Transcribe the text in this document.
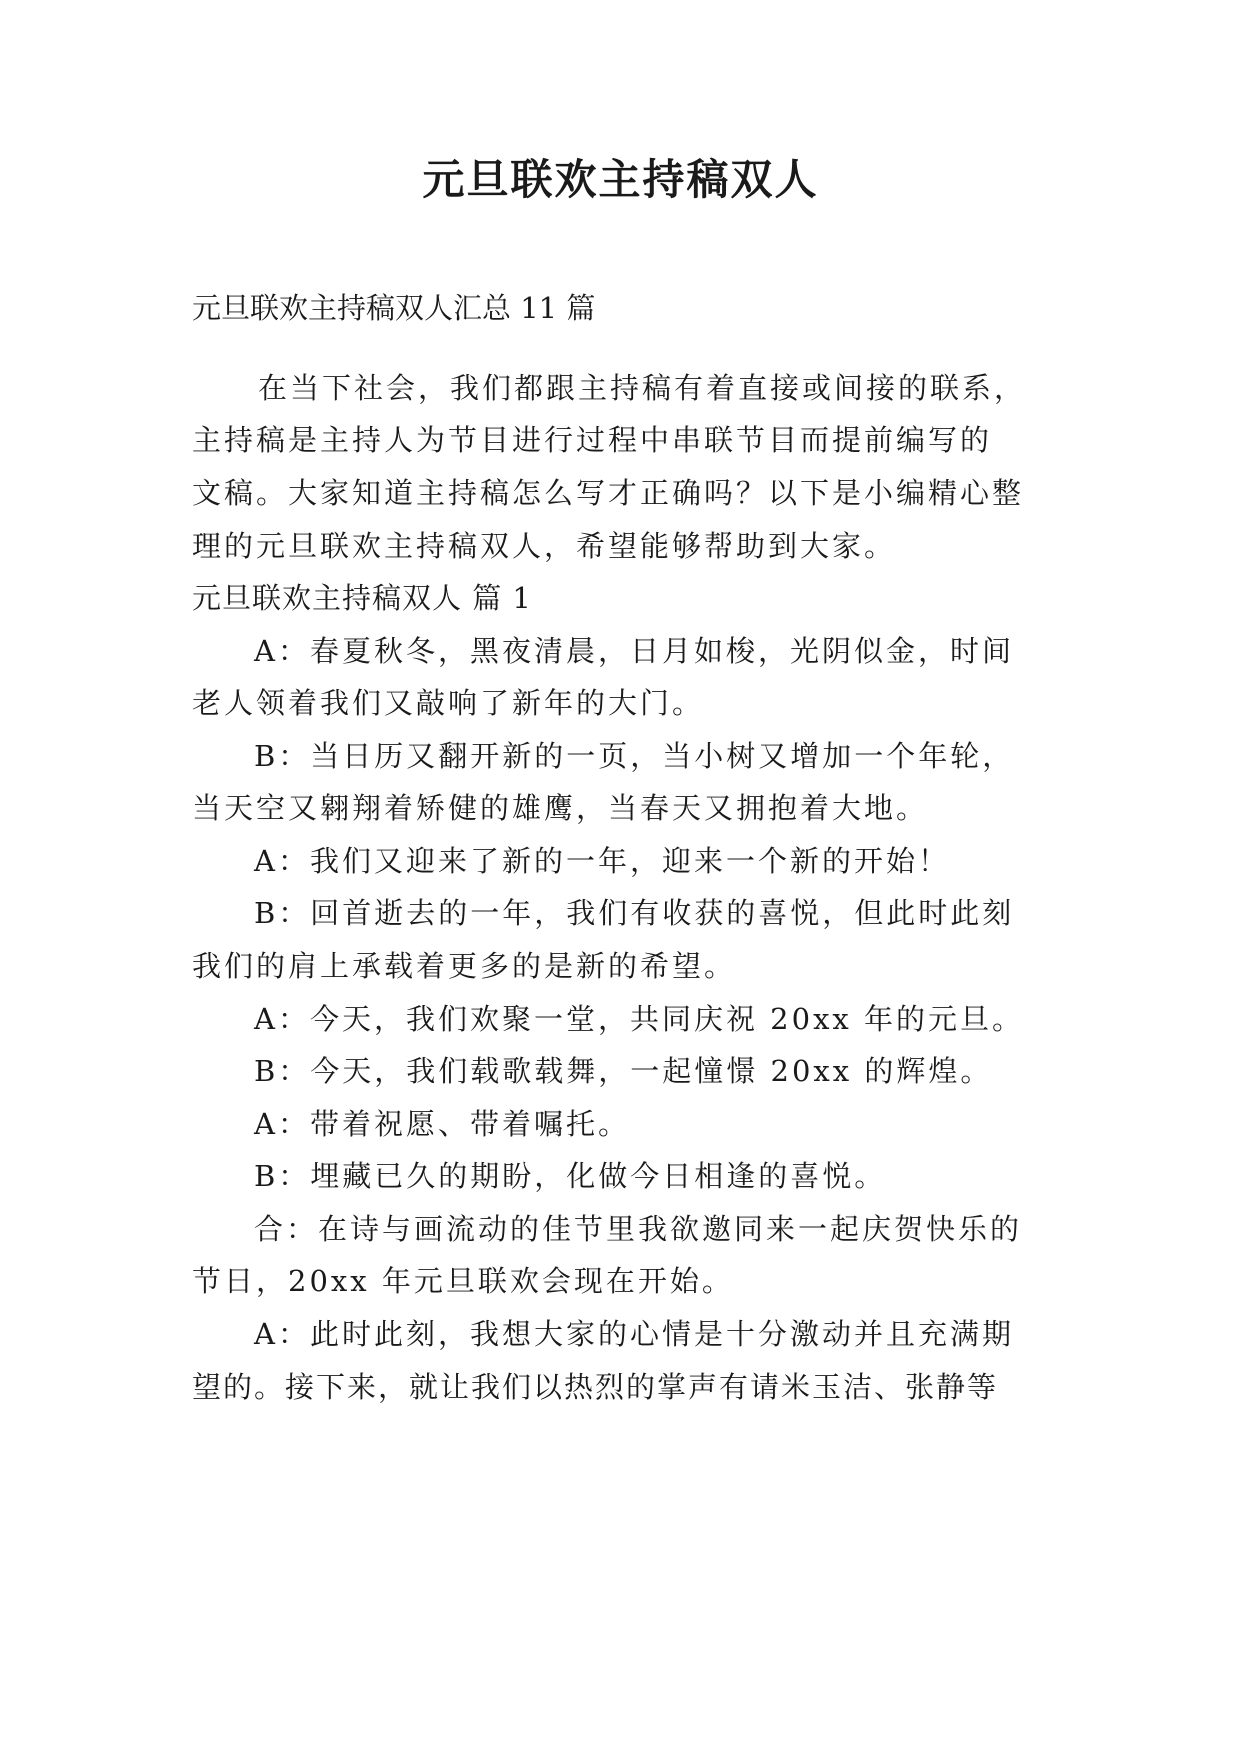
元旦联欢主持稿双人
元旦联欢主持稿双人汇总 11 篇
在当下社会，我们都跟主持稿有着直接或间接的联系，
主持稿是主持人为节目进行过程中串联节目而提前编写的
文稿。大家知道主持稿怎么写才正确吗？以下是小编精心整
理的元旦联欢主持稿双人，希望能够帮助到大家。
元旦联欢主持稿双人 篇 1
A：春夏秋冬，黑夜清晨，日月如梭，光阴似金，时间
老人领着我们又敲响了新年的大门。
B：当日历又翻开新的一页，当小树又增加一个年轮，
当天空又翱翔着矫健的雄鹰，当春天又拥抱着大地。
A：我们又迎来了新的一年，迎来一个新的开始！
B：回首逝去的一年，我们有收获的喜悦，但此时此刻
我们的肩上承载着更多的是新的希望。
A：今天，我们欢聚一堂，共同庆祝 20xx 年的元旦。
B：今天，我们载歌载舞，一起憧憬 20xx 的辉煌。
A：带着祝愿、带着嘱托。
B：埋藏已久的期盼，化做今日相逢的喜悦。
合：在诗与画流动的佳节里我欲邀同来一起庆贺快乐的
节日，20xx 年元旦联欢会现在开始。
A：此时此刻，我想大家的心情是十分激动并且充满期
望的。接下来，就让我们以热烈的掌声有请米玉洁、张静等
